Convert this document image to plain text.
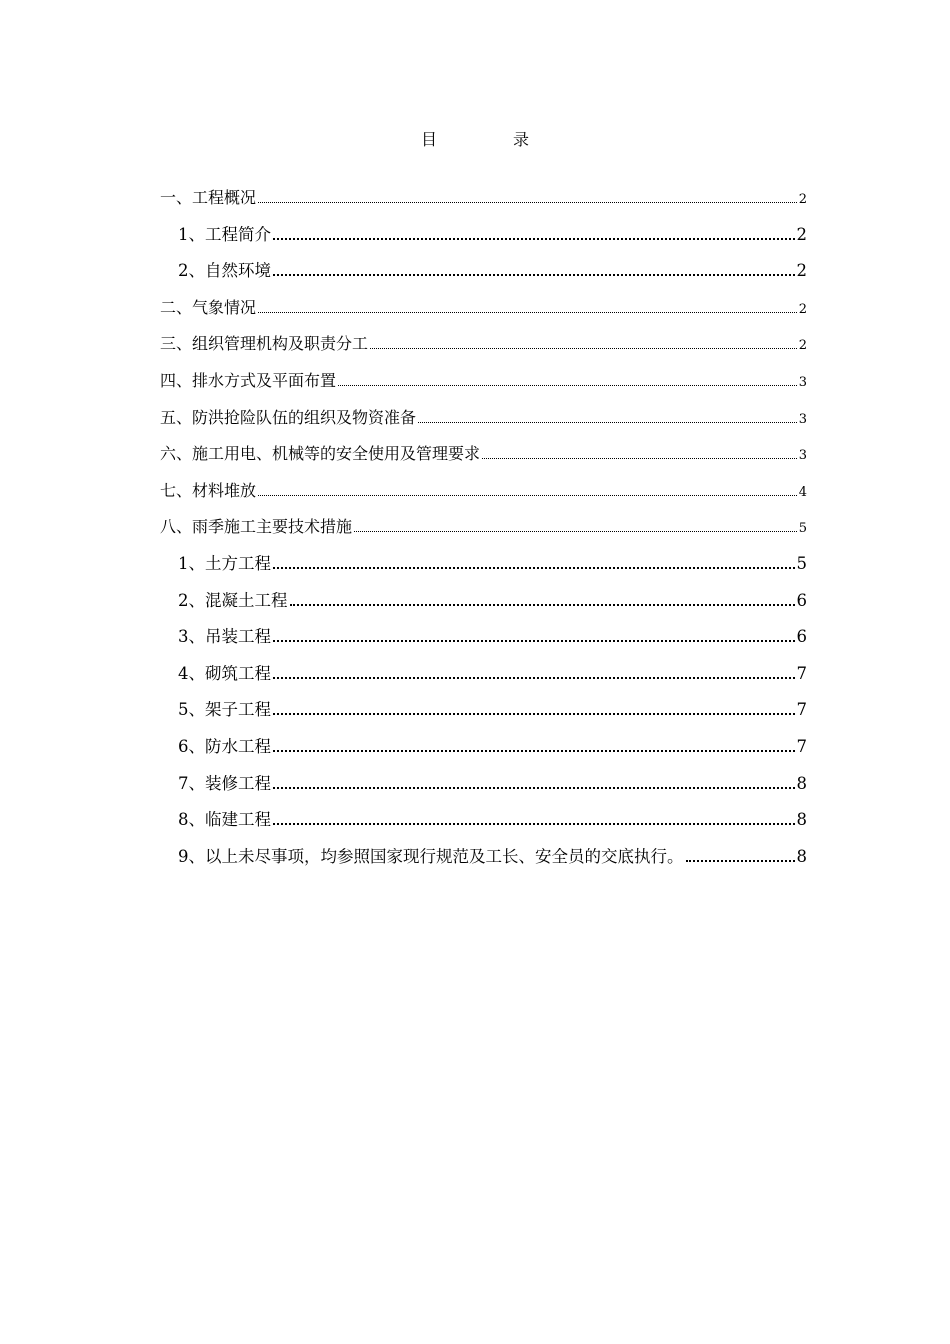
目　录
一、工程概况	2
1、工程简介	2
2、自然环境	2
二、气象情况	2
三、组织管理机构及职责分工	2
四、排水方式及平面布置	3
五、防洪抢险队伍的组织及物资准备	3
六、施工用电、机械等的安全使用及管理要求	3
七、材料堆放	4
八、雨季施工主要技术措施	5
1、土方工程	5
2、混凝土工程	6
3、吊装工程	6
4、砌筑工程	7
5、架子工程	7
6、防水工程	7
7、装修工程	8
8、临建工程	8
9、以上未尽事项，均参照国家现行规范及工长、安全员的交底执行。	8
